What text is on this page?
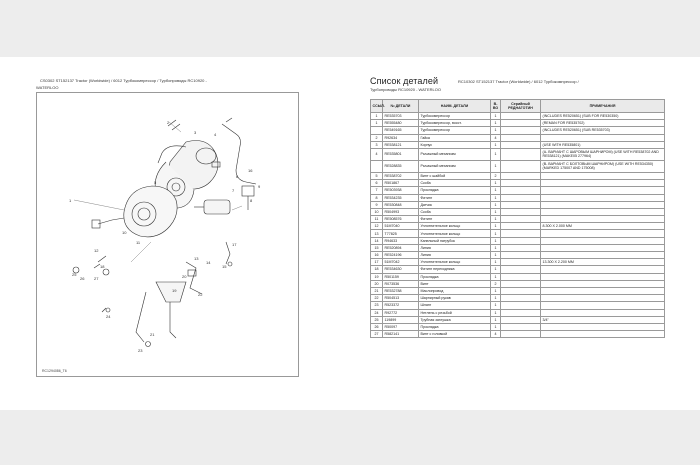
CS0302 ST152137 Tractor (Worldwide) / 6012 Турбокомпрессор / Турбопроводы RC10920 -
WATERLOO
1
2
3	4
5
6
7
8
9
10
11
12
13
14
15
16
17
18
19
20
21
22
23
24
25
26 27
RC1294086_T6
Список деталей	RC10302 ST152137 Tractor (Worldwide) / 6012 Турбокомпрессор /
Турбопроводы RC10920 - WATERLOO
ССЫЛ.	№ ДЕТАЛИ	НАИМ. ДЕТАЛИ	В-ВО	Серийный РЕДНАГОТИН	ПРИМЕЧАНИЯ
1	RE535703	Турбокомпрессор	1		(INCLUDES RE520651) (SUB FOR RE530350)
1	RE555480	Турбокомпрессор, восст.	1		(REMAN FOR RE535702)
	RE549165	Турбокомпрессор	1		(INCLUDES RE520651) (SUB RE535703)
2	R92634	Гайка	4		
3	RE538121	Корпус	1		(USE WITH RE535801)
4	RE535801	Рычажный механизм	1		(A- ВАРИАНТ С ШАРОВЫМ ШАРНИРОМ) (USE WITH RE538702 AND RE538121) (MAKE05 277964)
	RE528835	Рычажный механизм	1		(B- ВАРИАНТ С БОЛТОВЫМ ШАРНИРОМ) (USE WITH RE534350) (MARKED 175007 AND 175008)
5	RE538702	Винт с шайбой	2		
6	R501867	Скоба	1		
7	RE503938	Прокладка	1		
8	RE534235	Фитинг	1		
9	RE530848	Датчик	1		
10	R504993	Скоба	1		
11	RE508576	Фитинг	1		
12	51M7040	Уплотнительное кольцо	1		8.300 X 2.000 MM
13	T77825	Уплотнительное кольцо	1		
14	R94633	Капельный патрубок	1		
15	RE520894	Линия	1		
16	RE524196	Линия	1		
17	51M7042	Уплотнительное кольцо	1		13.300 X 2.200 MM
18	RE534630	Фитинг переходника	1		
19	R501159	Прокладка	1		
20	R073536	Винт	2		
21	RE532788	Маслопровод	1		
22	R504513	Шарнирный рукав	1		
23	R523372	Шланг	1		
24	R92772	Нетлень с резьбой	1		
25	119899	Трубная заглушка	1		3/4"
26	R50097	Прокладка	1		
27	R582141	Винт с головкой	4		
